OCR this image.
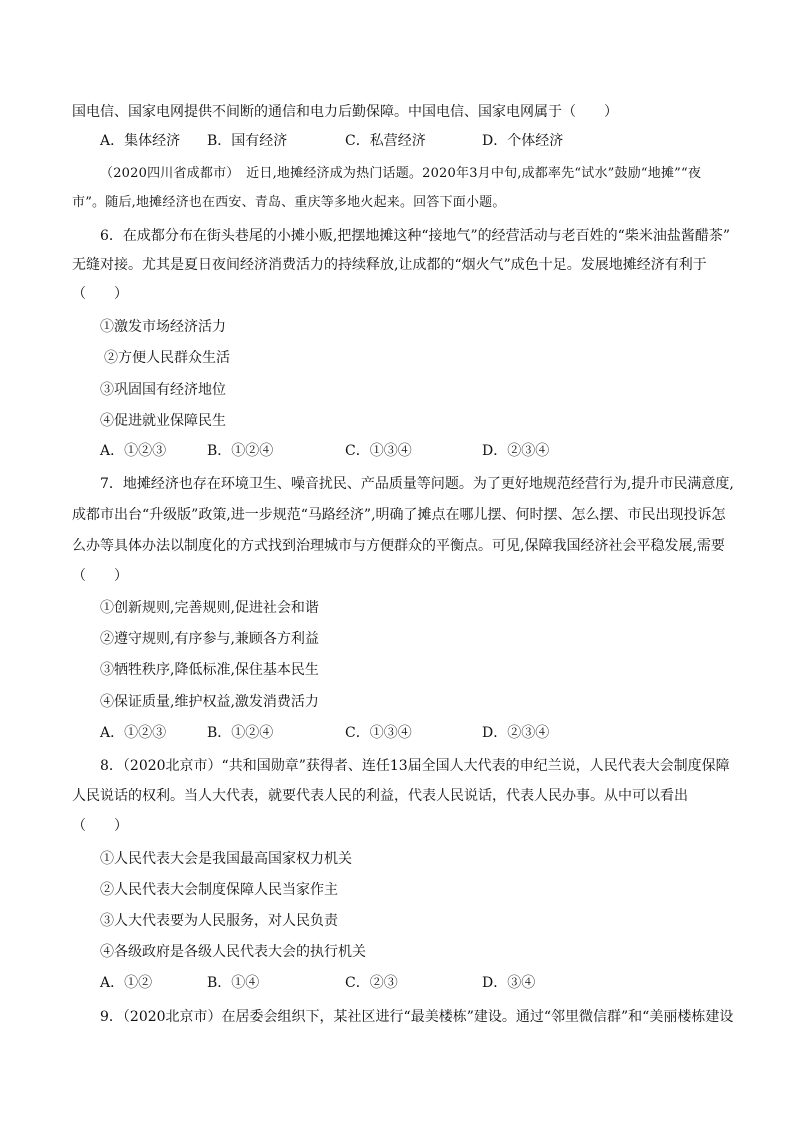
国电信、国家电网提供不间断的通信和电力后勤保障。中国电信、国家电网属于（　　）
A．集体经济 B．国有经济	C．私营经济	D．个体经济
（2020四川省成都市）　近日,地摊经济成为热门话题。2020年3月中旬,成都率先“试水”鼓励“地摊”“夜
市”。随后,地摊经济也在西安、青岛、重庆等多地火起来。回答下面小题。
6．在成都分布在街头巷尾的小摊小贩,把摆地摊这种“接地气”的经营活动与老百姓的“柴米油盐酱醋茶”
无缝对接。尤其是夏日夜间经济消费活力的持续释放,让成都的“烟火气”成色十足。发展地摊经济有利于
（　　）
①激发市场经济活力
②方便人民群众生活
③巩固国有经济地位
④促进就业保障民生
A．①②③	B．①②④	C．①③④	D．②③④
7．地摊经济也存在环境卫生、噪音扰民、产品质量等问题。为了更好地规范经营行为,提升市民满意度,
成都市出台“升级版”政策,进一步规范“马路经济”,明确了摊点在哪儿摆、何时摆、怎么摆、市民出现投诉怎
么办等具体办法以制度化的方式找到治理城市与方便群众的平衡点。可见,保障我国经济社会平稳发展,需要
（　　）
①创新规则,完善规则,促进社会和谐
②遵守规则,有序参与,兼顾各方利益
③牺牲秩序,降低标准,保住基本民生
④保证质量,维护权益,激发消费活力
A．①②③	B．①②④	C．①③④	D．②③④
8．（2020北京市）“共和国勋章”获得者、连任13届全国人大代表的申纪兰说，人民代表大会制度保障
人民说话的权利。当人大代表，就要代表人民的利益，代表人民说话，代表人民办事。从中可以看出
（　　）
①人民代表大会是我国最高国家权力机关
②人民代表大会制度保障人民当家作主
③人大代表要为人民服务，对人民负责
④各级政府是各级人民代表大会的执行机关
A．①②	B．①④	C．②③	D．③④
9．（2020北京市）在居委会组织下，某社区进行“最美楼栋”建设。通过“邻里微信群”和“美丽楼栋建设
